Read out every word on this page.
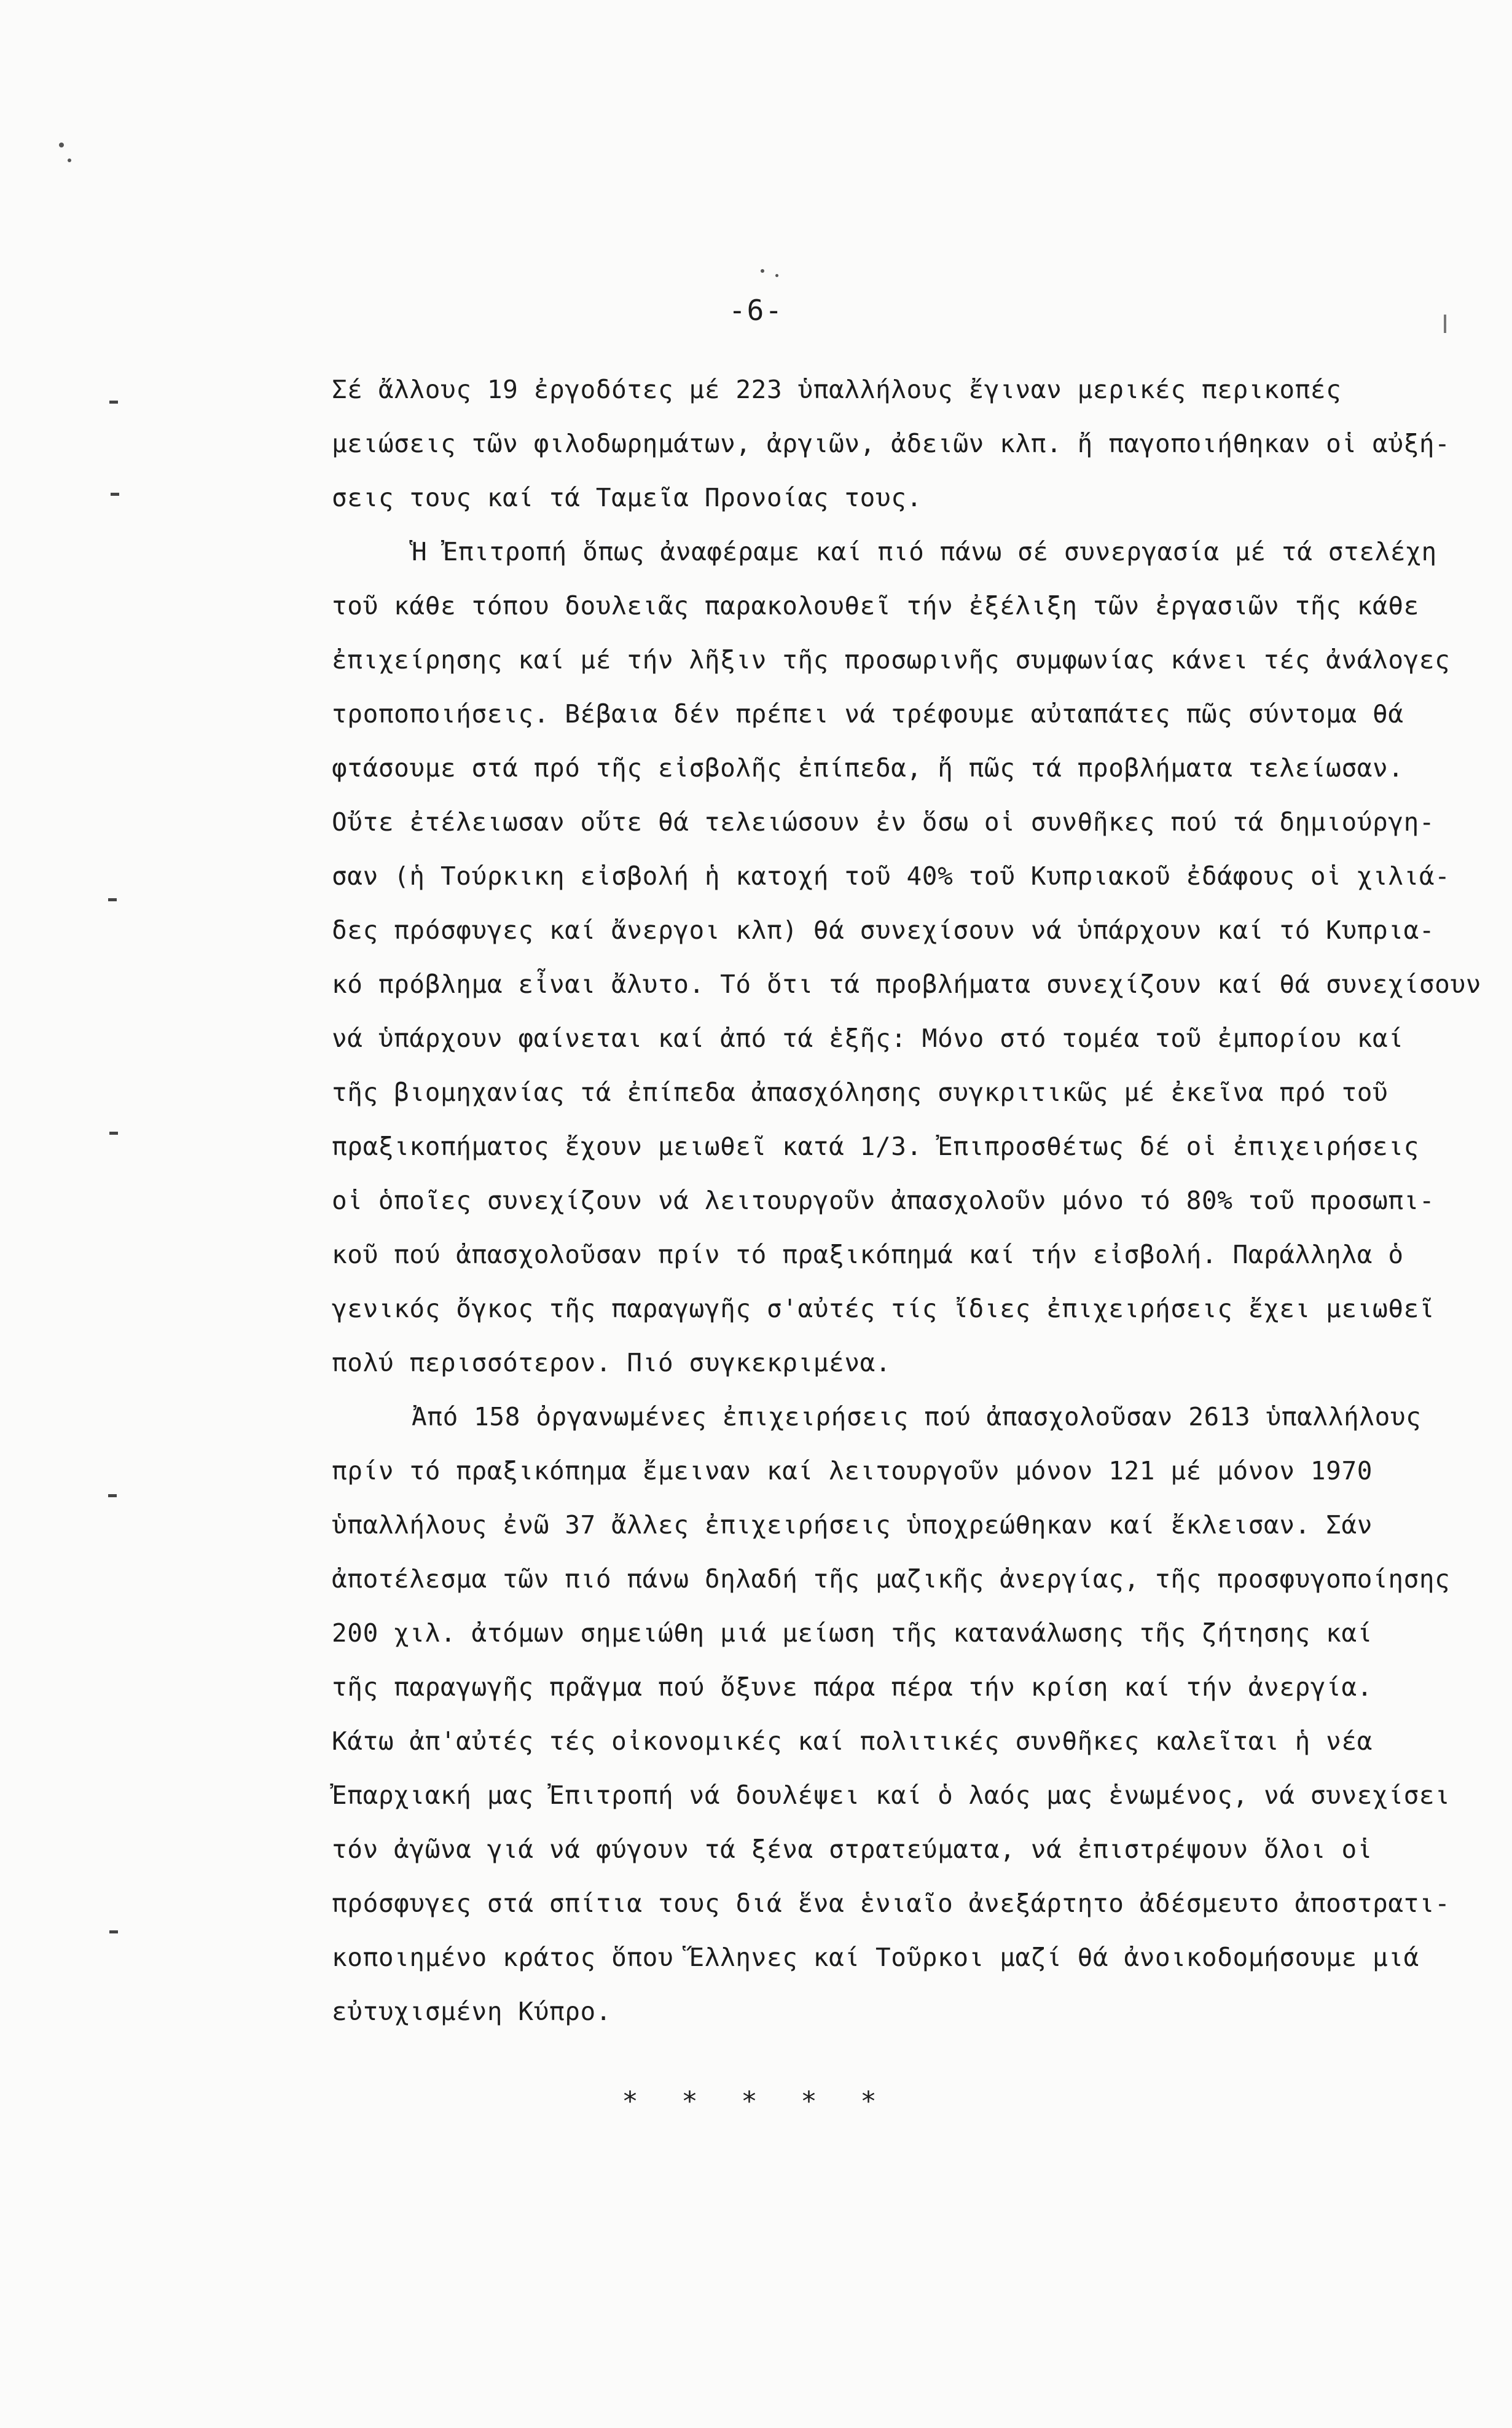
-6-
Σέ ἄλλους 19 ἐργοδότες μέ 223 ὑπαλλήλους ἔγιναν μερικές περικοπές
μειώσεις τῶν φιλοδωρημάτων, ἀργιῶν, ἀδειῶν κλπ. ἤ παγοποιήθηκαν οἱ αὐξή-
σεις τους καί τά Ταμεῖα Προνοίας τους.
Ἡ Ἐπιτροπή ὅπως ἀναφέραμε καί πιό πάνω σέ συνεργασία μέ τά στελέχη
τοῦ κάθε τόπου δουλειᾶς παρακολουθεῖ τήν ἐξέλιξη τῶν ἐργασιῶν τῆς κάθε
ἐπιχείρησης καί μέ τήν λῆξιν τῆς προσωρινῆς συμφωνίας κάνει τές ἀνάλογες
τροποποιήσεις. Βέβαια δέν πρέπει νά τρέφουμε αὐταπάτες πῶς σύντομα θά
φτάσουμε στά πρό τῆς εἰσβολῆς ἐπίπεδα, ἤ πῶς τά προβλήματα τελείωσαν.
Οὔτε ἐτέλειωσαν οὔτε θά τελειώσουν ἐν ὅσω οἱ συνθῆκες πού τά δημιούργη-
σαν (ἡ Τούρκικη εἰσβολή ἡ κατοχή τοῦ 40% τοῦ Κυπριακοῦ ἐδάφους οἱ χιλιά-
δες πρόσφυγες καί ἄνεργοι κλπ) θά συνεχίσουν νά ὑπάρχουν καί τό Κυπρια-
κό πρόβλημα εἶναι ἄλυτο. Τό ὅτι τά προβλήματα συνεχίζουν καί θά συνεχίσουν
νά ὑπάρχουν φαίνεται καί ἀπό τά ἑξῆς: Μόνο στό τομέα τοῦ ἐμπορίου καί
τῆς βιομηχανίας τά ἐπίπεδα ἀπασχόλησης συγκριτικῶς μέ ἐκεῖνα πρό τοῦ
πραξικοπήματος ἔχουν μειωθεῖ κατά 1/3. Ἐπιπροσθέτως δέ οἱ ἐπιχειρήσεις
οἱ ὁποῖες συνεχίζουν νά λειτουργοῦν ἀπασχολοῦν μόνο τό 80% τοῦ προσωπι-
κοῦ πού ἀπασχολοῦσαν πρίν τό πραξικόπημά καί τήν εἰσβολή. Παράλληλα ὁ
γενικός ὄγκος τῆς παραγωγῆς σ'αὐτές τίς ἴδιες ἐπιχειρήσεις ἔχει μειωθεῖ
πολύ περισσότερον. Πιό συγκεκριμένα.
Ἀπό 158 ὀργανωμένες ἐπιχειρήσεις πού ἀπασχολοῦσαν 2613 ὑπαλλήλους
πρίν τό πραξικόπημα ἔμειναν καί λειτουργοῦν μόνον 121 μέ μόνον 1970
ὑπαλλήλους ἐνῶ 37 ἄλλες ἐπιχειρήσεις ὑποχρεώθηκαν καί ἔκλεισαν. Σάν
ἀποτέλεσμα τῶν πιό πάνω δηλαδή τῆς μαζικῆς ἀνεργίας, τῆς προσφυγοποίησης
200 χιλ. ἀτόμων σημειώθη μιά μείωση τῆς κατανάλωσης τῆς ζήτησης καί
τῆς παραγωγῆς πρᾶγμα πού ὄξυνε πάρα πέρα τήν κρίση καί τήν ἀνεργία.
Κάτω ἀπ'αὐτές τές οἰκονομικές καί πολιτικές συνθῆκες καλεῖται ἡ νέα
Ἐπαρχιακή μας Ἐπιτροπή νά δουλέψει καί ὁ λαός μας ἑνωμένος, νά συνεχίσει
τόν ἀγῶνα γιά νά φύγουν τά ξένα στρατεύματα, νά ἐπιστρέψουν ὅλοι οἱ
πρόσφυγες στά σπίτια τους διά ἕνα ἑνιαῖο ἀνεξάρτητο ἀδέσμευτο ἀποστρατι-
κοποιημένο κράτος ὅπου Ἕλληνες καί Τοῦρκοι μαζί θά ἀνοικοδομήσουμε μιά
εὐτυχισμένη Κύπρο.
* * * * *
